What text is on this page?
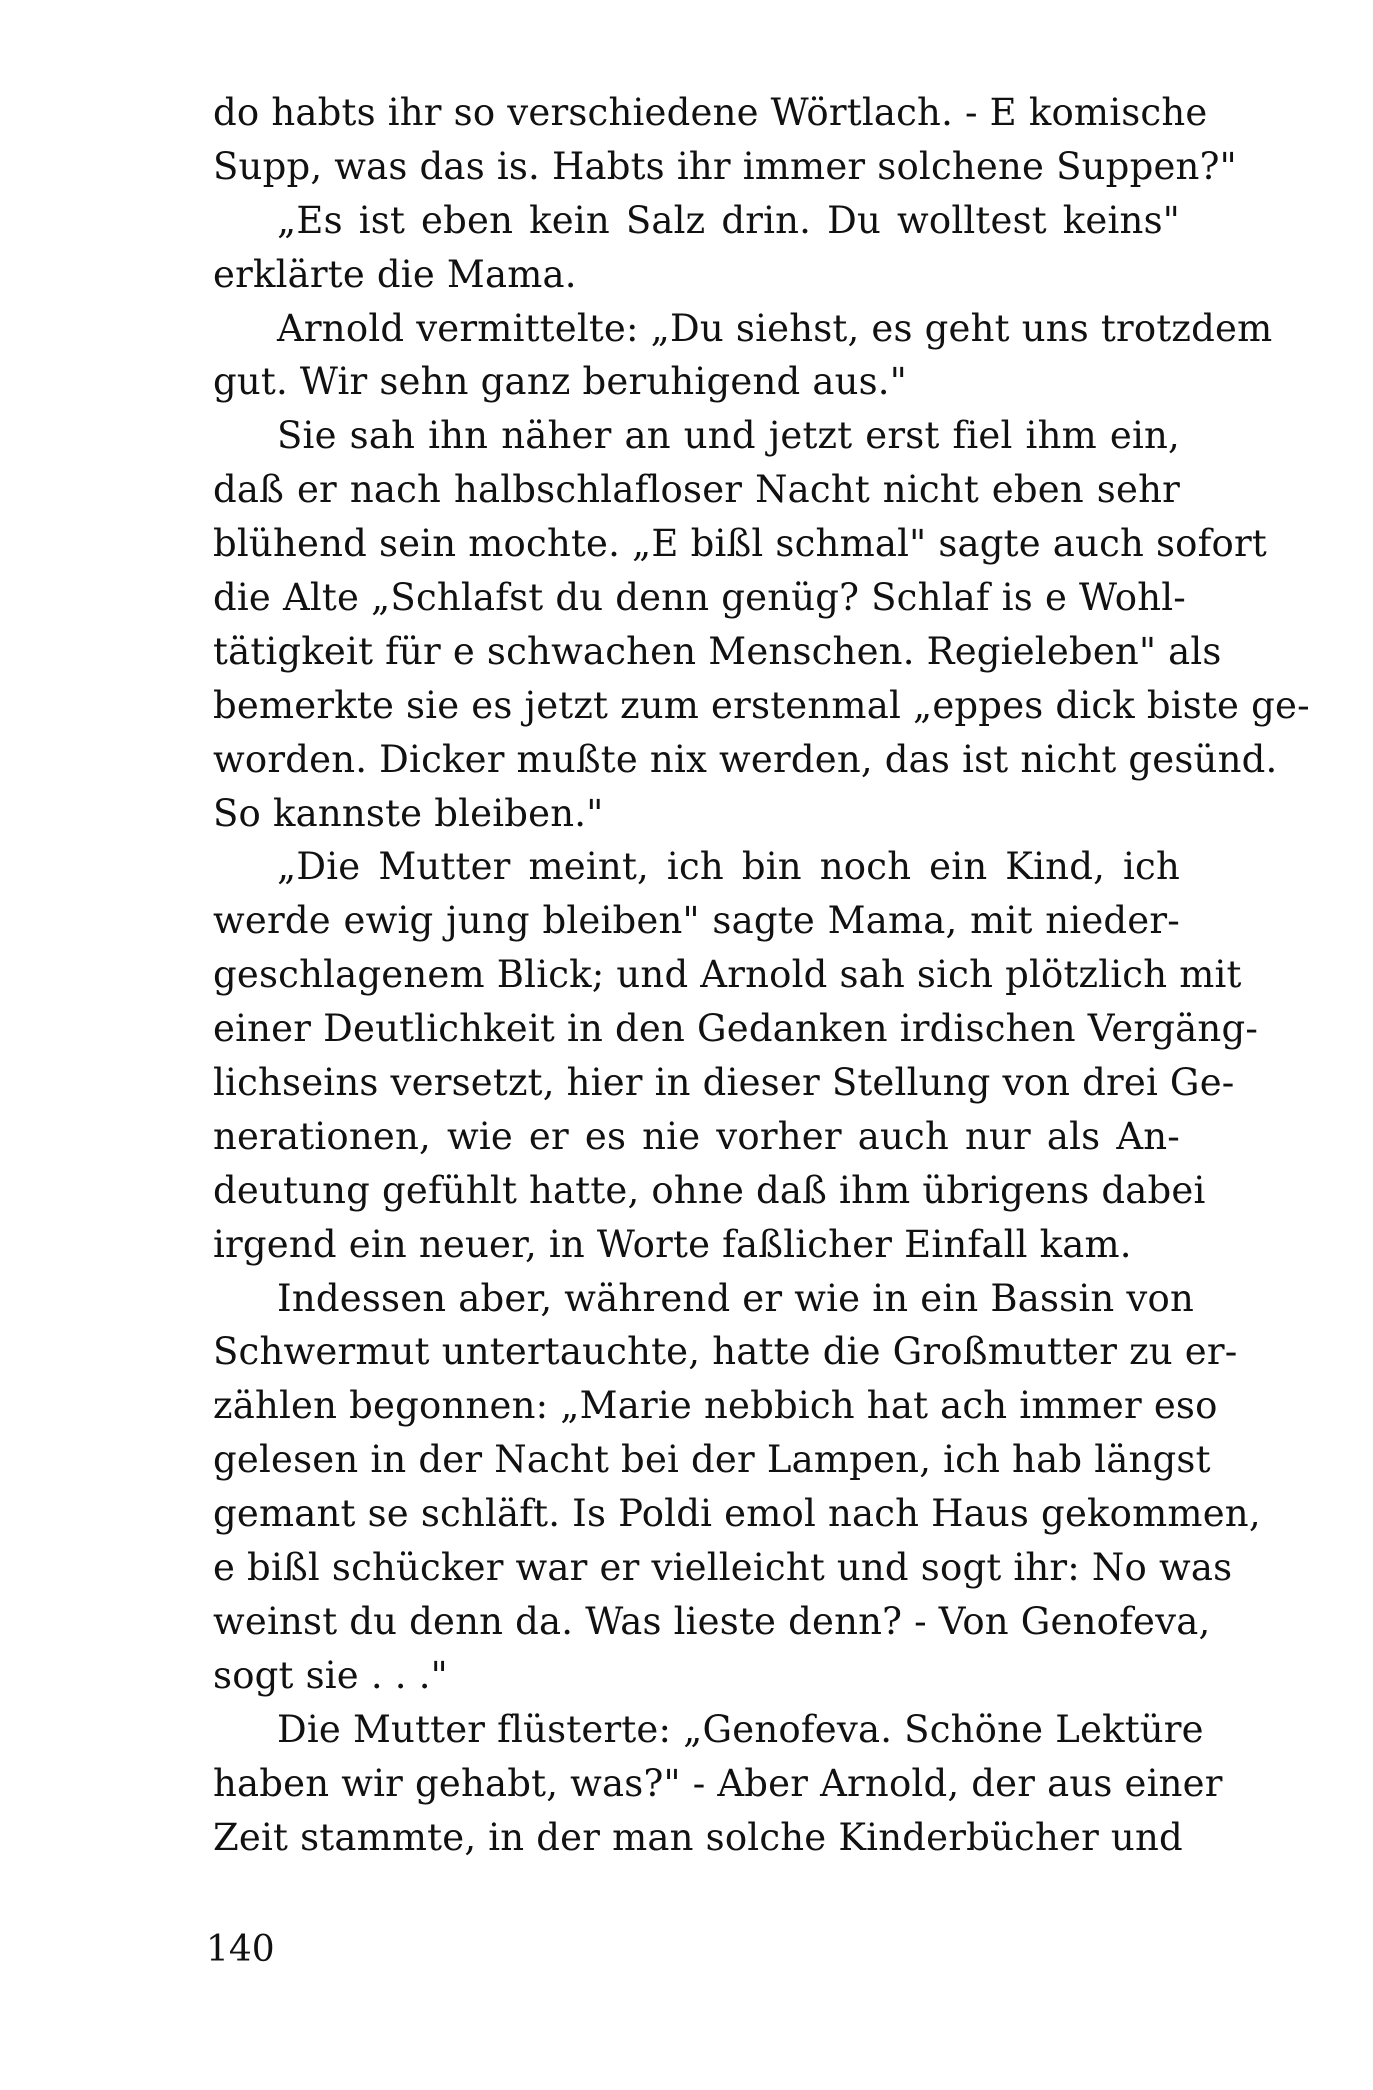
do habts ihr so verschiedene Wörtlach. - E komische
Supp, was das is. Habts ihr immer solchene Suppen?"
„Es ist eben kein Salz drin. Du wolltest keins"
erklärte die Mama.
Arnold vermittelte: „Du siehst, es geht uns trotzdem
gut. Wir sehn ganz beruhigend aus."
Sie sah ihn näher an und jetzt erst fiel ihm ein,
daß er nach halbschlafloser Nacht nicht eben sehr
blühend sein mochte. „E bißl schmal" sagte auch sofort
die Alte „Schlafst du denn genüg? Schlaf is e Wohl-
tätigkeit für e schwachen Menschen. Regieleben" als
bemerkte sie es jetzt zum erstenmal „eppes dick biste ge-
worden. Dicker mußte nix werden, das ist nicht gesünd.
So kannste bleiben."
„Die Mutter meint, ich bin noch ein Kind, ich
werde ewig jung bleiben" sagte Mama, mit nieder-
geschlagenem Blick; und Arnold sah sich plötzlich mit
einer Deutlichkeit in den Gedanken irdischen Vergäng-
lichseins versetzt, hier in dieser Stellung von drei Ge-
nerationen, wie er es nie vorher auch nur als An-
deutung gefühlt hatte, ohne daß ihm übrigens dabei
irgend ein neuer, in Worte faßlicher Einfall kam.
Indessen aber, während er wie in ein Bassin von
Schwermut untertauchte, hatte die Großmutter zu er-
zählen begonnen: „Marie nebbich hat ach immer eso
gelesen in der Nacht bei der Lampen, ich hab längst
gemant se schläft. Is Poldi emol nach Haus gekommen,
e bißl schücker war er vielleicht und sogt ihr: No was
weinst du denn da. Was lieste denn? - Von Genofeva,
sogt sie . . ."
Die Mutter flüsterte: „Genofeva. Schöne Lektüre
haben wir gehabt, was?" - Aber Arnold, der aus einer
Zeit stammte, in der man solche Kinderbücher und
140
